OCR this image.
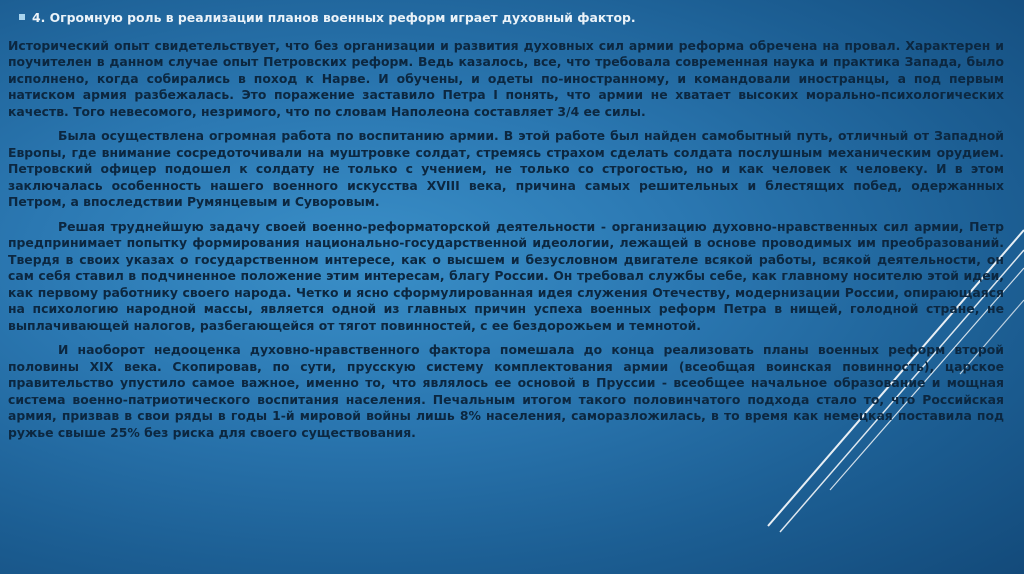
4. Огромную роль в реализации планов военных реформ играет духовный фактор.

Исторический опыт свидетельствует, что без организации и развития духовных сил армии реформа обречена на провал. Характерен и поучителен в данном случае опыт Петровских реформ. Ведь казалось, все, что требовала современная наука и практика Запада, было исполнено, когда собирались в поход к Нарве. И обучены, и одеты по-иностранному, и командовали иностранцы, а под первым натиском армия разбежалась. Это поражение заставило Петра I понять, что армии не хватает высоких морально-психологических качеств. Того невесомого, незримого, что по словам Наполеона составляет 3/4 ее силы.

Была осуществлена огромная работа по воспитанию армии. В этой работе был найден самобытный путь, отличный от Западной Европы, где внимание сосредоточивали на муштровке солдат, стремясь страхом сделать солдата послушным механическим орудием. Петровский офицер подошел к солдату не только с учением, не только со строгостью, но и как человек к человеку. И в этом заключалась особенность нашего военного искусства XVIII века, причина самых решительных и блестящих побед, одержанных Петром, а впоследствии Румянцевым и Суворовым.

Решая труднейшую задачу своей военно-реформаторской деятельности - организацию духовно-нравственных сил армии, Петр предпринимает попытку формирования национально-государственной идеологии, лежащей в основе проводимых им преобразований. Твердя в своих указах о государственном интересе, как о высшем и безусловном двигателе всякой работы, всякой деятельности, он сам себя ставил в подчиненное положение этим интересам, благу России. Он требовал службы себе, как главному носителю этой идеи, как первому работнику своего народа. Четко и ясно сформулированная идея служения Отечеству, модернизации России, опирающаяся на психологию народной массы, является одной из главных причин успеха военных реформ Петра в нищей, голодной стране, не выплачивающей налогов, разбегающейся от тягот повинностей, с ее бездорожьем и темнотой.

И наоборот недооценка духовно-нравственного фактора помешала до конца реализовать планы военных реформ второй половины XIX века. Скопировав, по сути, прусскую систему комплектования армии (всеобщая воинская повинность), царское правительство упустило самое важное, именно то, что являлось ее основой в Пруссии - всеобщее начальное образование и мощная система военно-патриотического воспитания населения. Печальным итогом такого половинчатого подхода стало то, что Российская армия, призвав в свои ряды в годы 1-й мировой войны лишь 8% населения, саморазложилась, в то время как немецкая поставила под ружье свыше 25% без риска для своего существования.
